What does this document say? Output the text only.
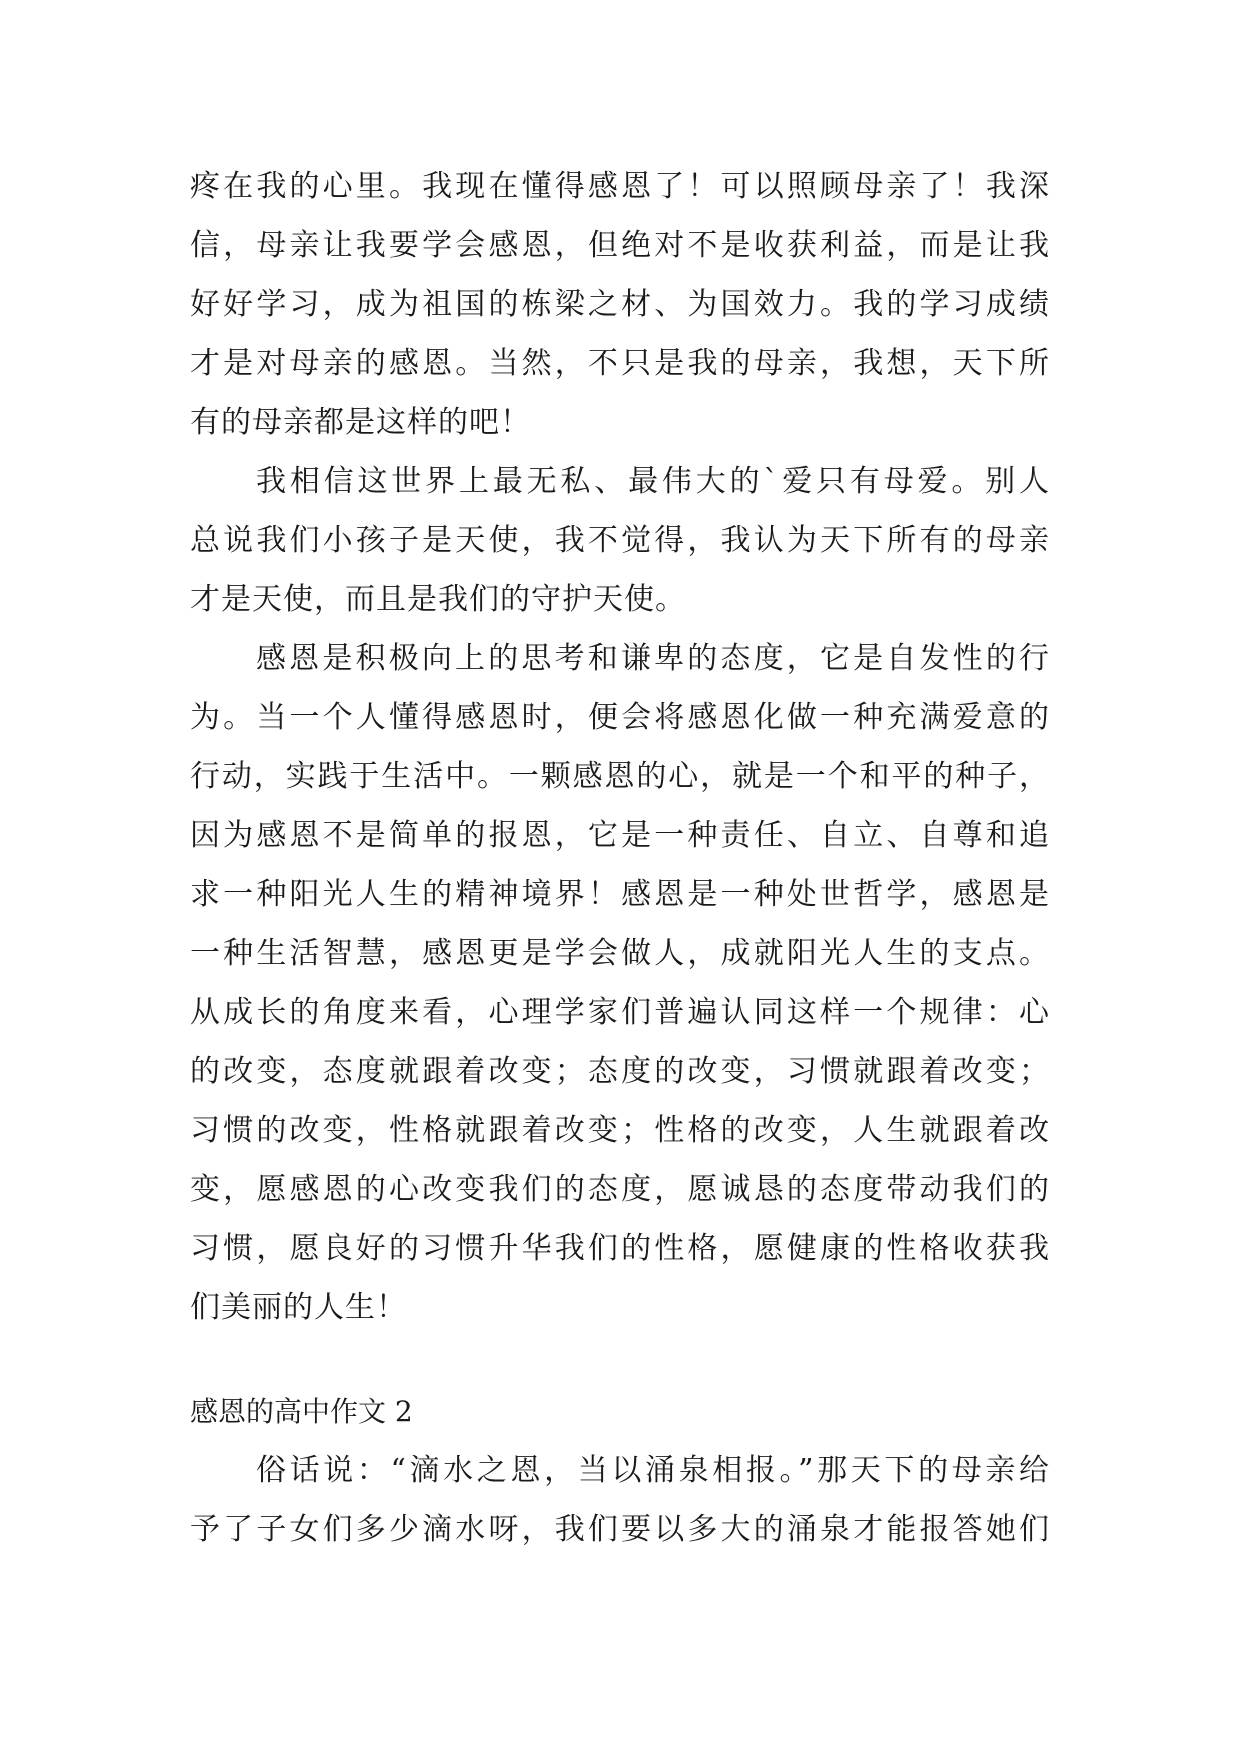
疼在我的心里。我现在懂得感恩了！可以照顾母亲了！我深
信，母亲让我要学会感恩，但绝对不是收获利益，而是让我
好好学习，成为祖国的栋梁之材、为国效力。我的学习成绩
才是对母亲的感恩。当然，不只是我的母亲，我想，天下所
有的母亲都是这样的吧！
我相信这世界上最无私、最伟大的`爱只有母爱。别人
总说我们小孩子是天使，我不觉得，我认为天下所有的母亲
才是天使，而且是我们的守护天使。
感恩是积极向上的思考和谦卑的态度，它是自发性的行
为。当一个人懂得感恩时，便会将感恩化做一种充满爱意的
行动，实践于生活中。一颗感恩的心，就是一个和平的种子，
因为感恩不是简单的报恩，它是一种责任、自立、自尊和追
求一种阳光人生的精神境界！感恩是一种处世哲学，感恩是
一种生活智慧，感恩更是学会做人，成就阳光人生的支点。
从成长的角度来看，心理学家们普遍认同这样一个规律：心
的改变，态度就跟着改变；态度的改变，习惯就跟着改变；
习惯的改变，性格就跟着改变；性格的改变，人生就跟着改
变，愿感恩的心改变我们的态度，愿诚恳的态度带动我们的
习惯，愿良好的习惯升华我们的性格，愿健康的性格收获我
们美丽的人生！
感恩的高中作文 2
俗话说：“滴水之恩，当以涌泉相报。”那天下的母亲给
予了子女们多少滴水呀，我们要以多大的涌泉才能报答她们
